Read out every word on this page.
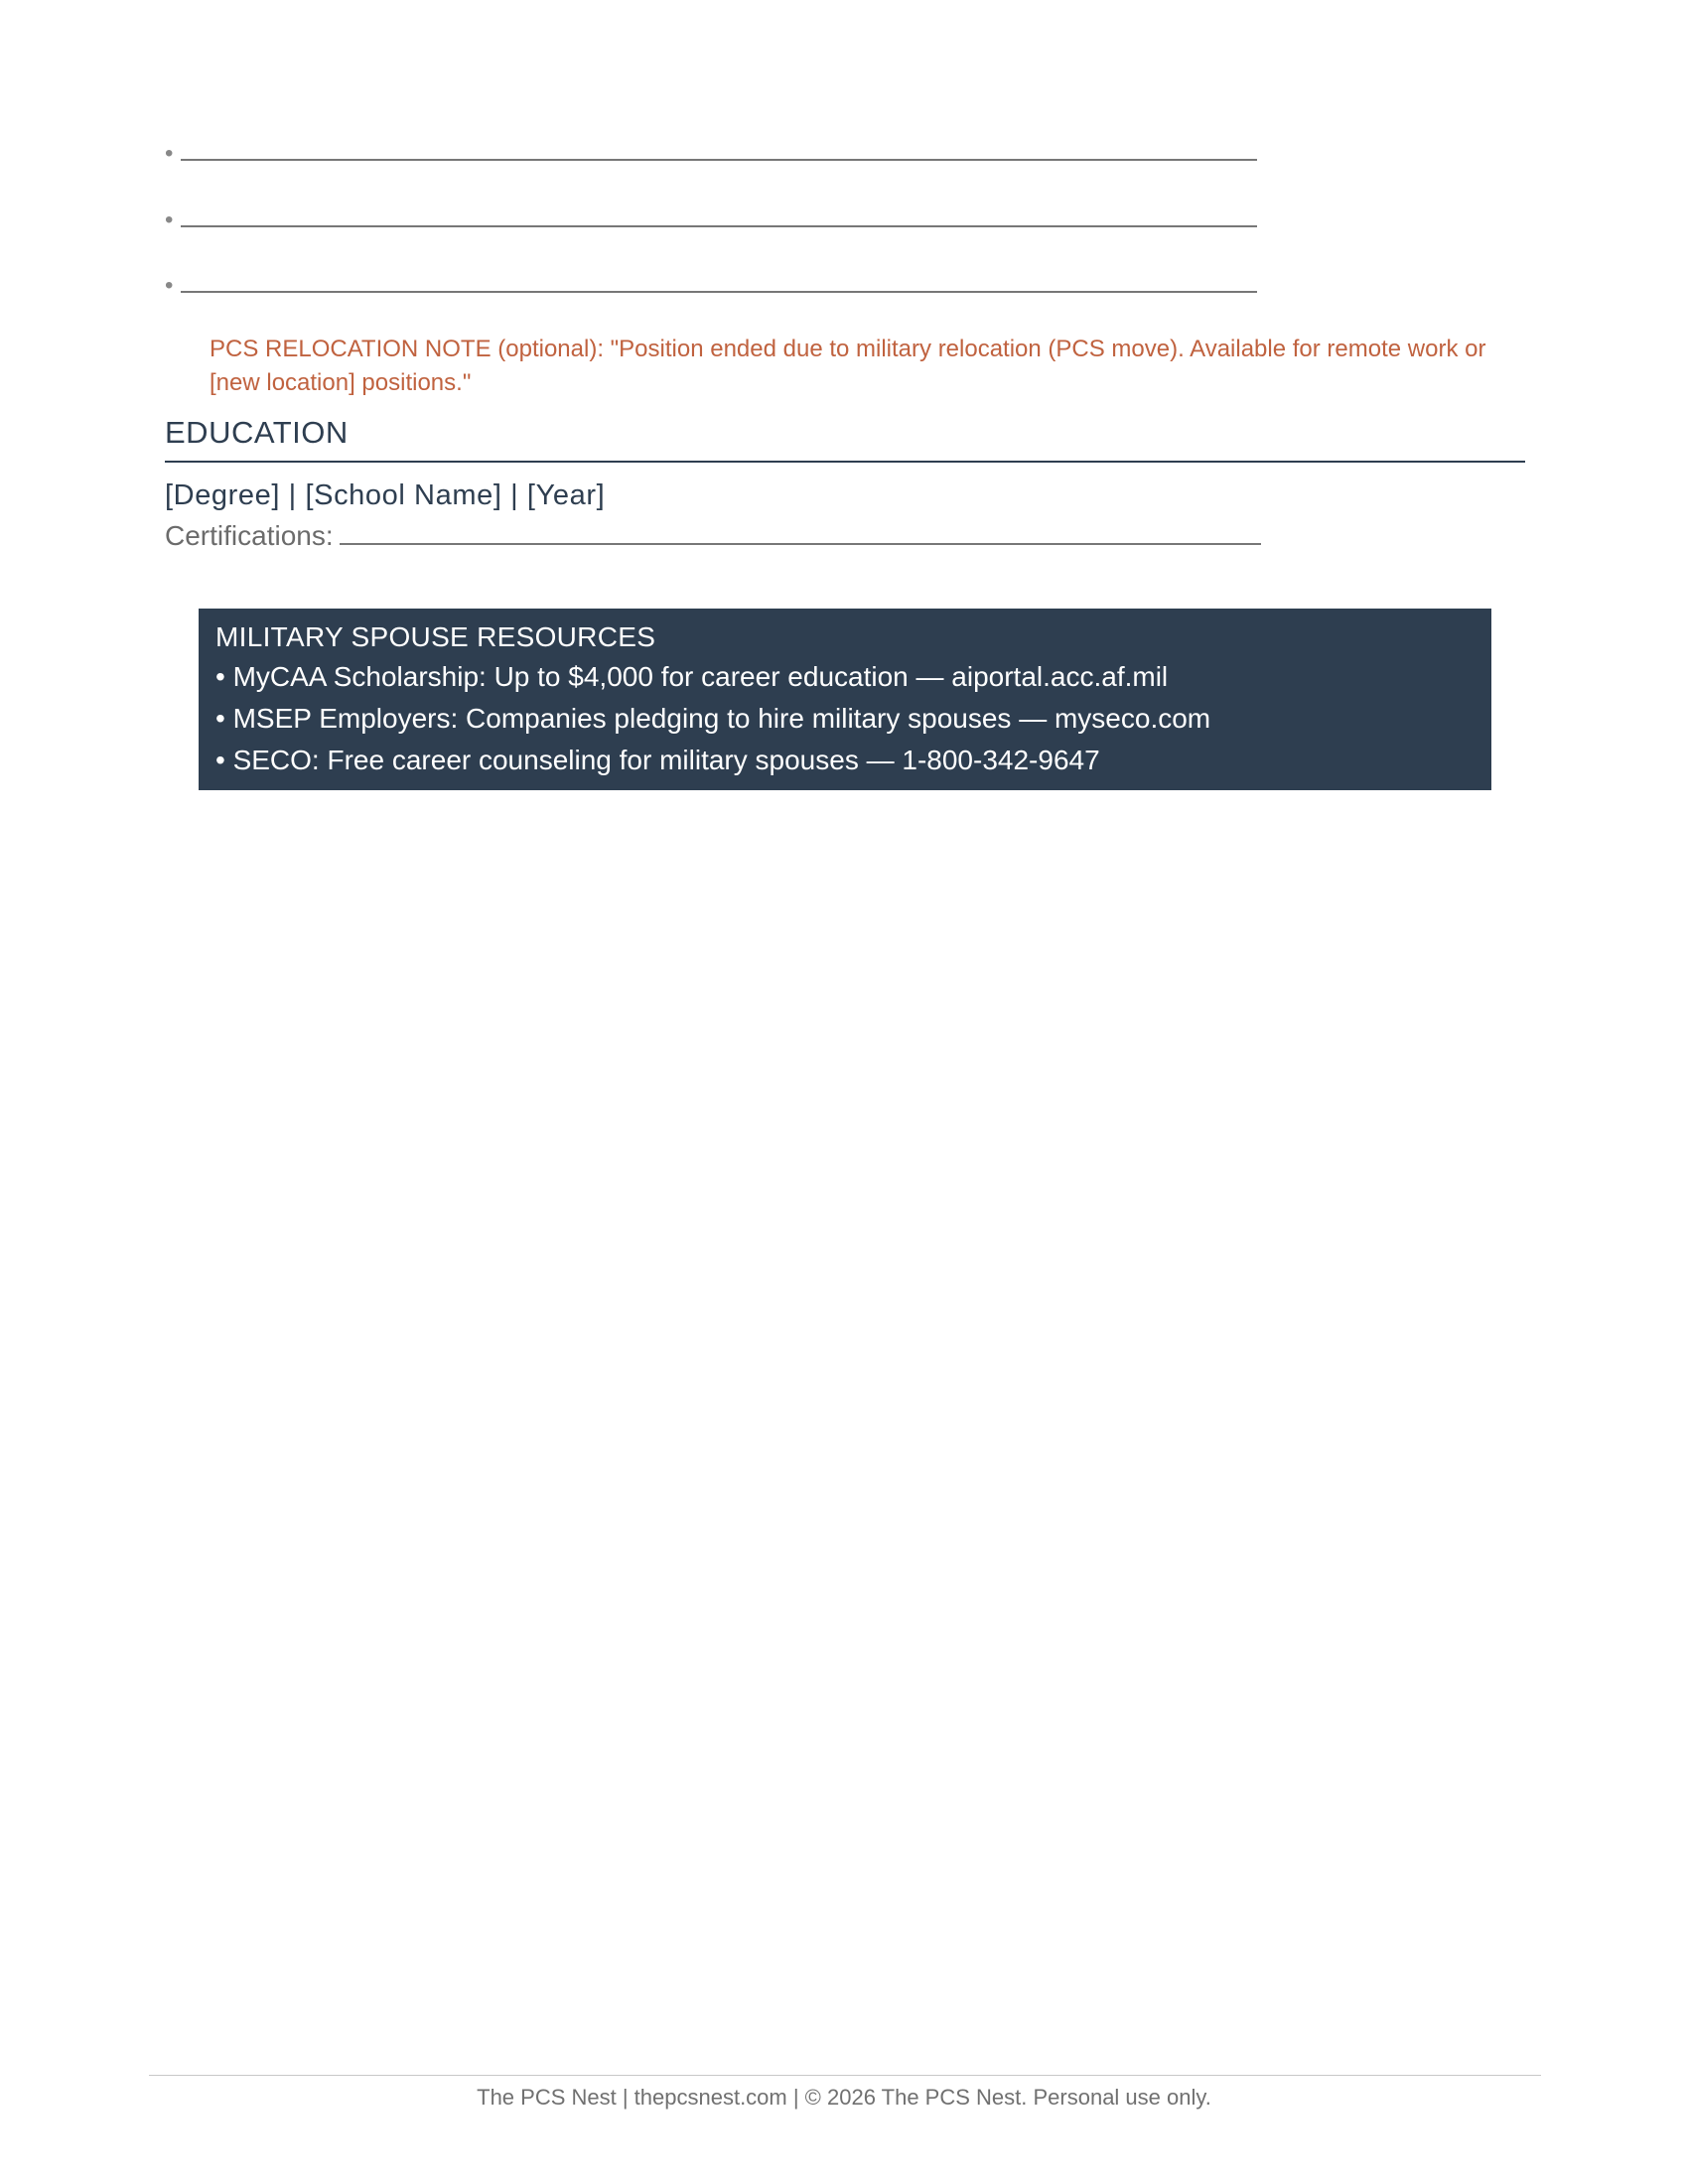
•
•
•
PCS RELOCATION NOTE (optional): "Position ended due to military relocation (PCS move). Available for remote work or [new location] positions."
EDUCATION
[Degree] | [School Name] | [Year]
Certifications:
MILITARY SPOUSE RESOURCES
• MyCAA Scholarship: Up to $4,000 for career education — aiportal.acc.af.mil
• MSEP Employers: Companies pledging to hire military spouses — myseco.com
• SECO: Free career counseling for military spouses — 1-800-342-9647
The PCS Nest | thepcsnest.com | © 2026 The PCS Nest. Personal use only.
